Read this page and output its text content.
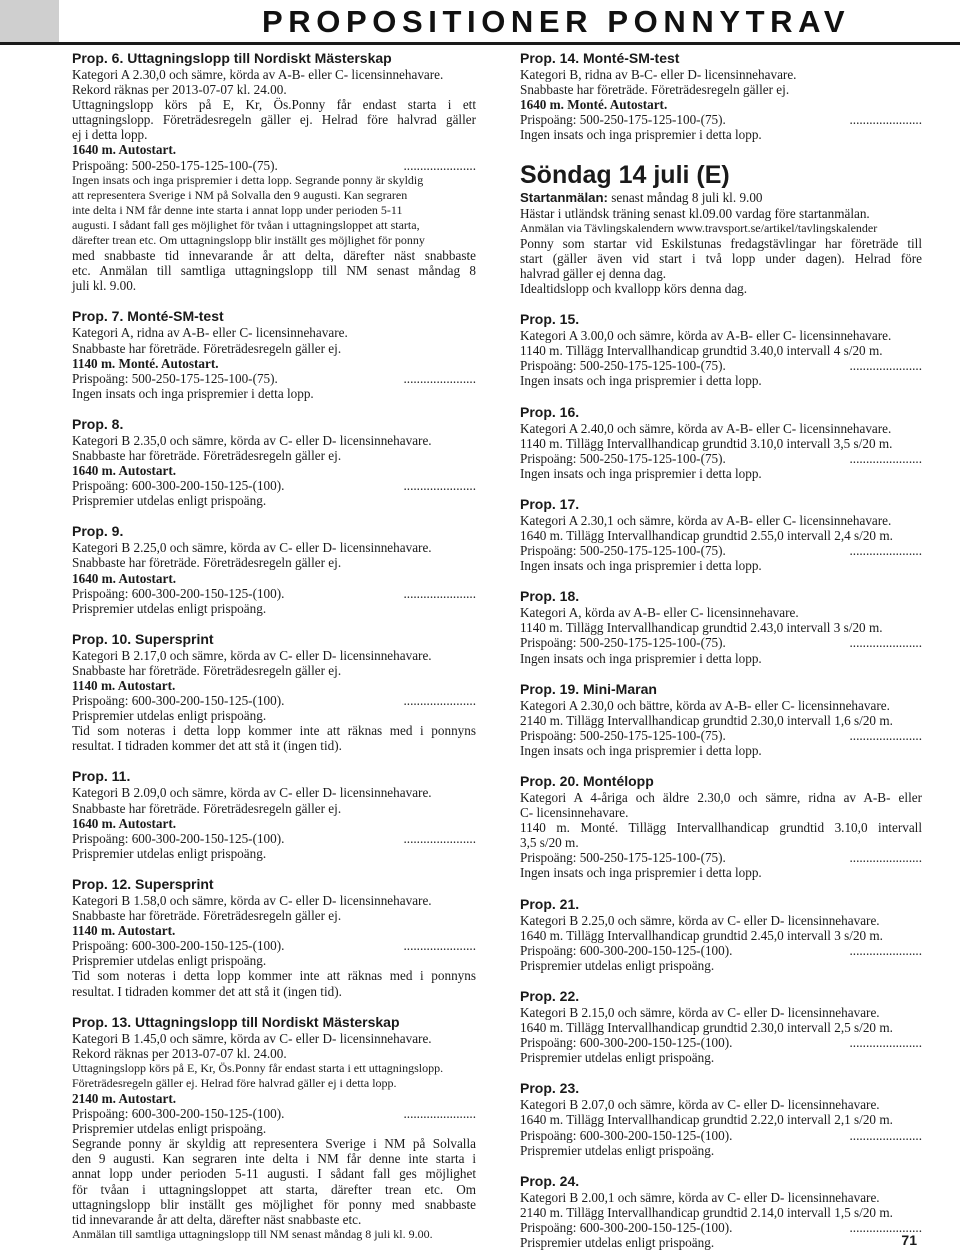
PROPOSITIONER PONNYTRAV

Prop. 6. Uttagningslopp till Nordiskt Mästerskap

Kategori A 2.30,0 och sämre, körda av A-B- eller C- licensinnehavare.

Rekord räknas per 2013-07-07 kl. 24.00.

Uttagningslopp körs på E, Kr, Ös.Ponny får endast starta i ett

uttagningslopp. Företrädesregeln gäller ej. Helrad före halvrad gäller

ej i detta lopp.

1640 m. Autostart.

Prispoäng: 500-250-175-125-100-(75).	......................

Ingen insats och inga prispremier i detta lopp. Segrande ponny är skyldig

att representera Sverige i NM på Solvalla den 9 augusti. Kan segraren

inte delta i NM får denne inte starta i annat lopp under perioden 5-11

augusti. I sådant fall ges möjlighet för tvåan i uttagningsloppet att starta,

därefter trean etc. Om uttagningslopp blir inställt ges möjlighet för ponny

med snabbaste tid innevarande år att delta, därefter näst snabbaste

etc. Anmälan till samtliga uttagningslopp till NM senast måndag 8

juli kl. 9.00.

Prop. 7. Monté-SM-test

Kategori A, ridna av A-B- eller C- licensinnehavare.

Snabbaste har företräde. Företrädesregeln gäller ej.

1140 m. Monté. Autostart.

Prispoäng: 500-250-175-125-100-(75).	......................

Ingen insats och inga prispremier i detta lopp.

Prop. 8.

Kategori B 2.35,0 och sämre, körda av C- eller D- licensinnehavare.

Snabbaste har företräde. Företrädesregeln gäller ej.

1640 m. Autostart.

Prispoäng: 600-300-200-150-125-(100).	......................

Prispremier utdelas enligt prispoäng.

Prop. 9.

Kategori B 2.25,0 och sämre, körda av C- eller D- licensinnehavare.

Snabbaste har företräde. Företrädesregeln gäller ej.

1640 m. Autostart.

Prispoäng: 600-300-200-150-125-(100).	......................

Prispremier utdelas enligt prispoäng.

Prop. 10. Supersprint

Kategori B 2.17,0 och sämre, körda av C- eller D- licensinnehavare.

Snabbaste har företräde. Företrädesregeln gäller ej.

1140 m. Autostart.

Prispoäng: 600-300-200-150-125-(100).	......................

Prispremier utdelas enligt prispoäng.

Tid som noteras i detta lopp kommer inte att räknas med i ponnyns

resultat. I tidraden kommer det att stå it (ingen tid).

Prop. 11.

Kategori B 2.09,0 och sämre, körda av C- eller D- licensinnehavare.

Snabbaste har företräde. Företrädesregeln gäller ej.

1640 m. Autostart.

Prispoäng: 600-300-200-150-125-(100).	......................

Prispremier utdelas enligt prispoäng.

Prop. 12. Supersprint

Kategori B 1.58,0 och sämre, körda av C- eller D- licensinnehavare.

Snabbaste har företräde. Företrädesregeln gäller ej.

1140 m. Autostart.

Prispoäng: 600-300-200-150-125-(100).	......................

Prispremier utdelas enligt prispoäng.

Tid som noteras i detta lopp kommer inte att räknas med i ponnyns

resultat. I tidraden kommer det att stå it (ingen tid).

Prop. 13. Uttagningslopp till Nordiskt Mästerskap

Kategori B 1.45,0 och sämre, körda av C- eller D- licensinnehavare.

Rekord räknas per 2013-07-07 kl. 24.00.

Uttagningslopp körs på E, Kr, Ös.Ponny får endast starta i ett uttagningslopp.

Företrädesregeln gäller ej. Helrad före halvrad gäller ej i detta lopp.

2140 m. Autostart.

Prispoäng: 600-300-200-150-125-(100).	......................

Prispremier utdelas enligt prispoäng.

Segrande ponny är skyldig att representera Sverige i NM på Solvalla

den 9 augusti. Kan segraren inte delta i NM får denne inte starta i

annat lopp under perioden 5-11 augusti. I sådant fall ges möjlighet

för tvåan i uttagningsloppet att starta, därefter trean etc. Om

uttagningslopp blir inställt ges möjlighet för ponny med snabbaste

tid innevarande år att delta, därefter näst snabbaste etc.

Anmälan till samtliga uttagningslopp till NM senast måndag 8 juli kl. 9.00.

Prop. 14. Monté-SM-test

Kategori B, ridna av B-C- eller D- licensinnehavare.

Snabbaste har företräde. Företrädesregeln gäller ej.

1640 m. Monté. Autostart.

Prispoäng: 500-250-175-125-100-(75).	......................

Ingen insats och inga prispremier i detta lopp.

Söndag 14 juli (E)

Startanmälan: senast måndag 8 juli kl. 9.00

Hästar i utländsk träning senast kl.09.00 vardag före startanmälan.

Anmälan via Tävlingskalendern www.travsport.se/artikel/tavlingskalender

Ponny som startar vid Eskilstunas fredagstävlingar har företräde till

start (gäller även vid start i två lopp under dagen). Helrad före

halvrad gäller ej denna dag.

Idealtidslopp och kvallopp körs denna dag.

Prop. 15.

Kategori A 3.00,0 och sämre, körda av A-B- eller C- licensinnehavare.

1140 m. Tillägg Intervallhandicap grundtid 3.40,0 intervall 4 s/20 m.

Prispoäng: 500-250-175-125-100-(75).	......................

Ingen insats och inga prispremier i detta lopp.

Prop. 16.

Kategori A 2.40,0 och sämre, körda av A-B- eller C- licensinnehavare.

1140 m. Tillägg Intervallhandicap grundtid 3.10,0 intervall 3,5 s/20 m.

Prispoäng: 500-250-175-125-100-(75).	......................

Ingen insats och inga prispremier i detta lopp.

Prop. 17.

Kategori A 2.30,1 och sämre, körda av A-B- eller C- licensinnehavare.

1640 m. Tillägg Intervallhandicap grundtid 2.55,0 intervall 2,4 s/20 m.

Prispoäng: 500-250-175-125-100-(75).	......................

Ingen insats och inga prispremier i detta lopp.

Prop. 18.

Kategori A, körda av A-B- eller C- licensinnehavare.

1140 m. Tillägg Intervallhandicap grundtid 2.43,0 intervall 3 s/20 m.

Prispoäng: 500-250-175-125-100-(75).	......................

Ingen insats och inga prispremier i detta lopp.

Prop. 19. Mini-Maran

Kategori A 2.30,0 och bättre, körda av A-B- eller C- licensinnehavare.

2140 m. Tillägg Intervallhandicap grundtid 2.30,0 intervall 1,6 s/20 m.

Prispoäng: 500-250-175-125-100-(75).	......................

Ingen insats och inga prispremier i detta lopp.

Prop. 20. Montélopp

Kategori A 4-åriga och äldre 2.30,0 och sämre, ridna av A-B- eller

C- licensinnehavare.

1140 m. Monté. Tillägg Intervallhandicap grundtid 3.10,0 intervall

3,5 s/20 m.

Prispoäng: 500-250-175-125-100-(75).	......................

Ingen insats och inga prispremier i detta lopp.

Prop. 21.

Kategori B 2.25,0 och sämre, körda av C- eller D- licensinnehavare.

1640 m. Tillägg Intervallhandicap grundtid 2.45,0 intervall 3 s/20 m.

Prispoäng: 600-300-200-150-125-(100).	......................

Prispremier utdelas enligt prispoäng.

Prop. 22.

Kategori B 2.15,0 och sämre, körda av C- eller D- licensinnehavare.

1640 m. Tillägg Intervallhandicap grundtid 2.30,0 intervall 2,5 s/20 m.

Prispoäng: 600-300-200-150-125-(100).	......................

Prispremier utdelas enligt prispoäng.

Prop. 23.

Kategori B 2.07,0 och sämre, körda av C- eller D- licensinnehavare.

1640 m. Tillägg Intervallhandicap grundtid 2.22,0 intervall 2,1 s/20 m.

Prispoäng: 600-300-200-150-125-(100).	......................

Prispremier utdelas enligt prispoäng.

Prop. 24.

Kategori B 2.00,1 och sämre, körda av C- eller D- licensinnehavare.

2140 m. Tillägg Intervallhandicap grundtid 2.14,0 intervall 1,5 s/20 m.

Prispoäng: 600-300-200-150-125-(100).	......................

Prispremier utdelas enligt prispoäng.	71
